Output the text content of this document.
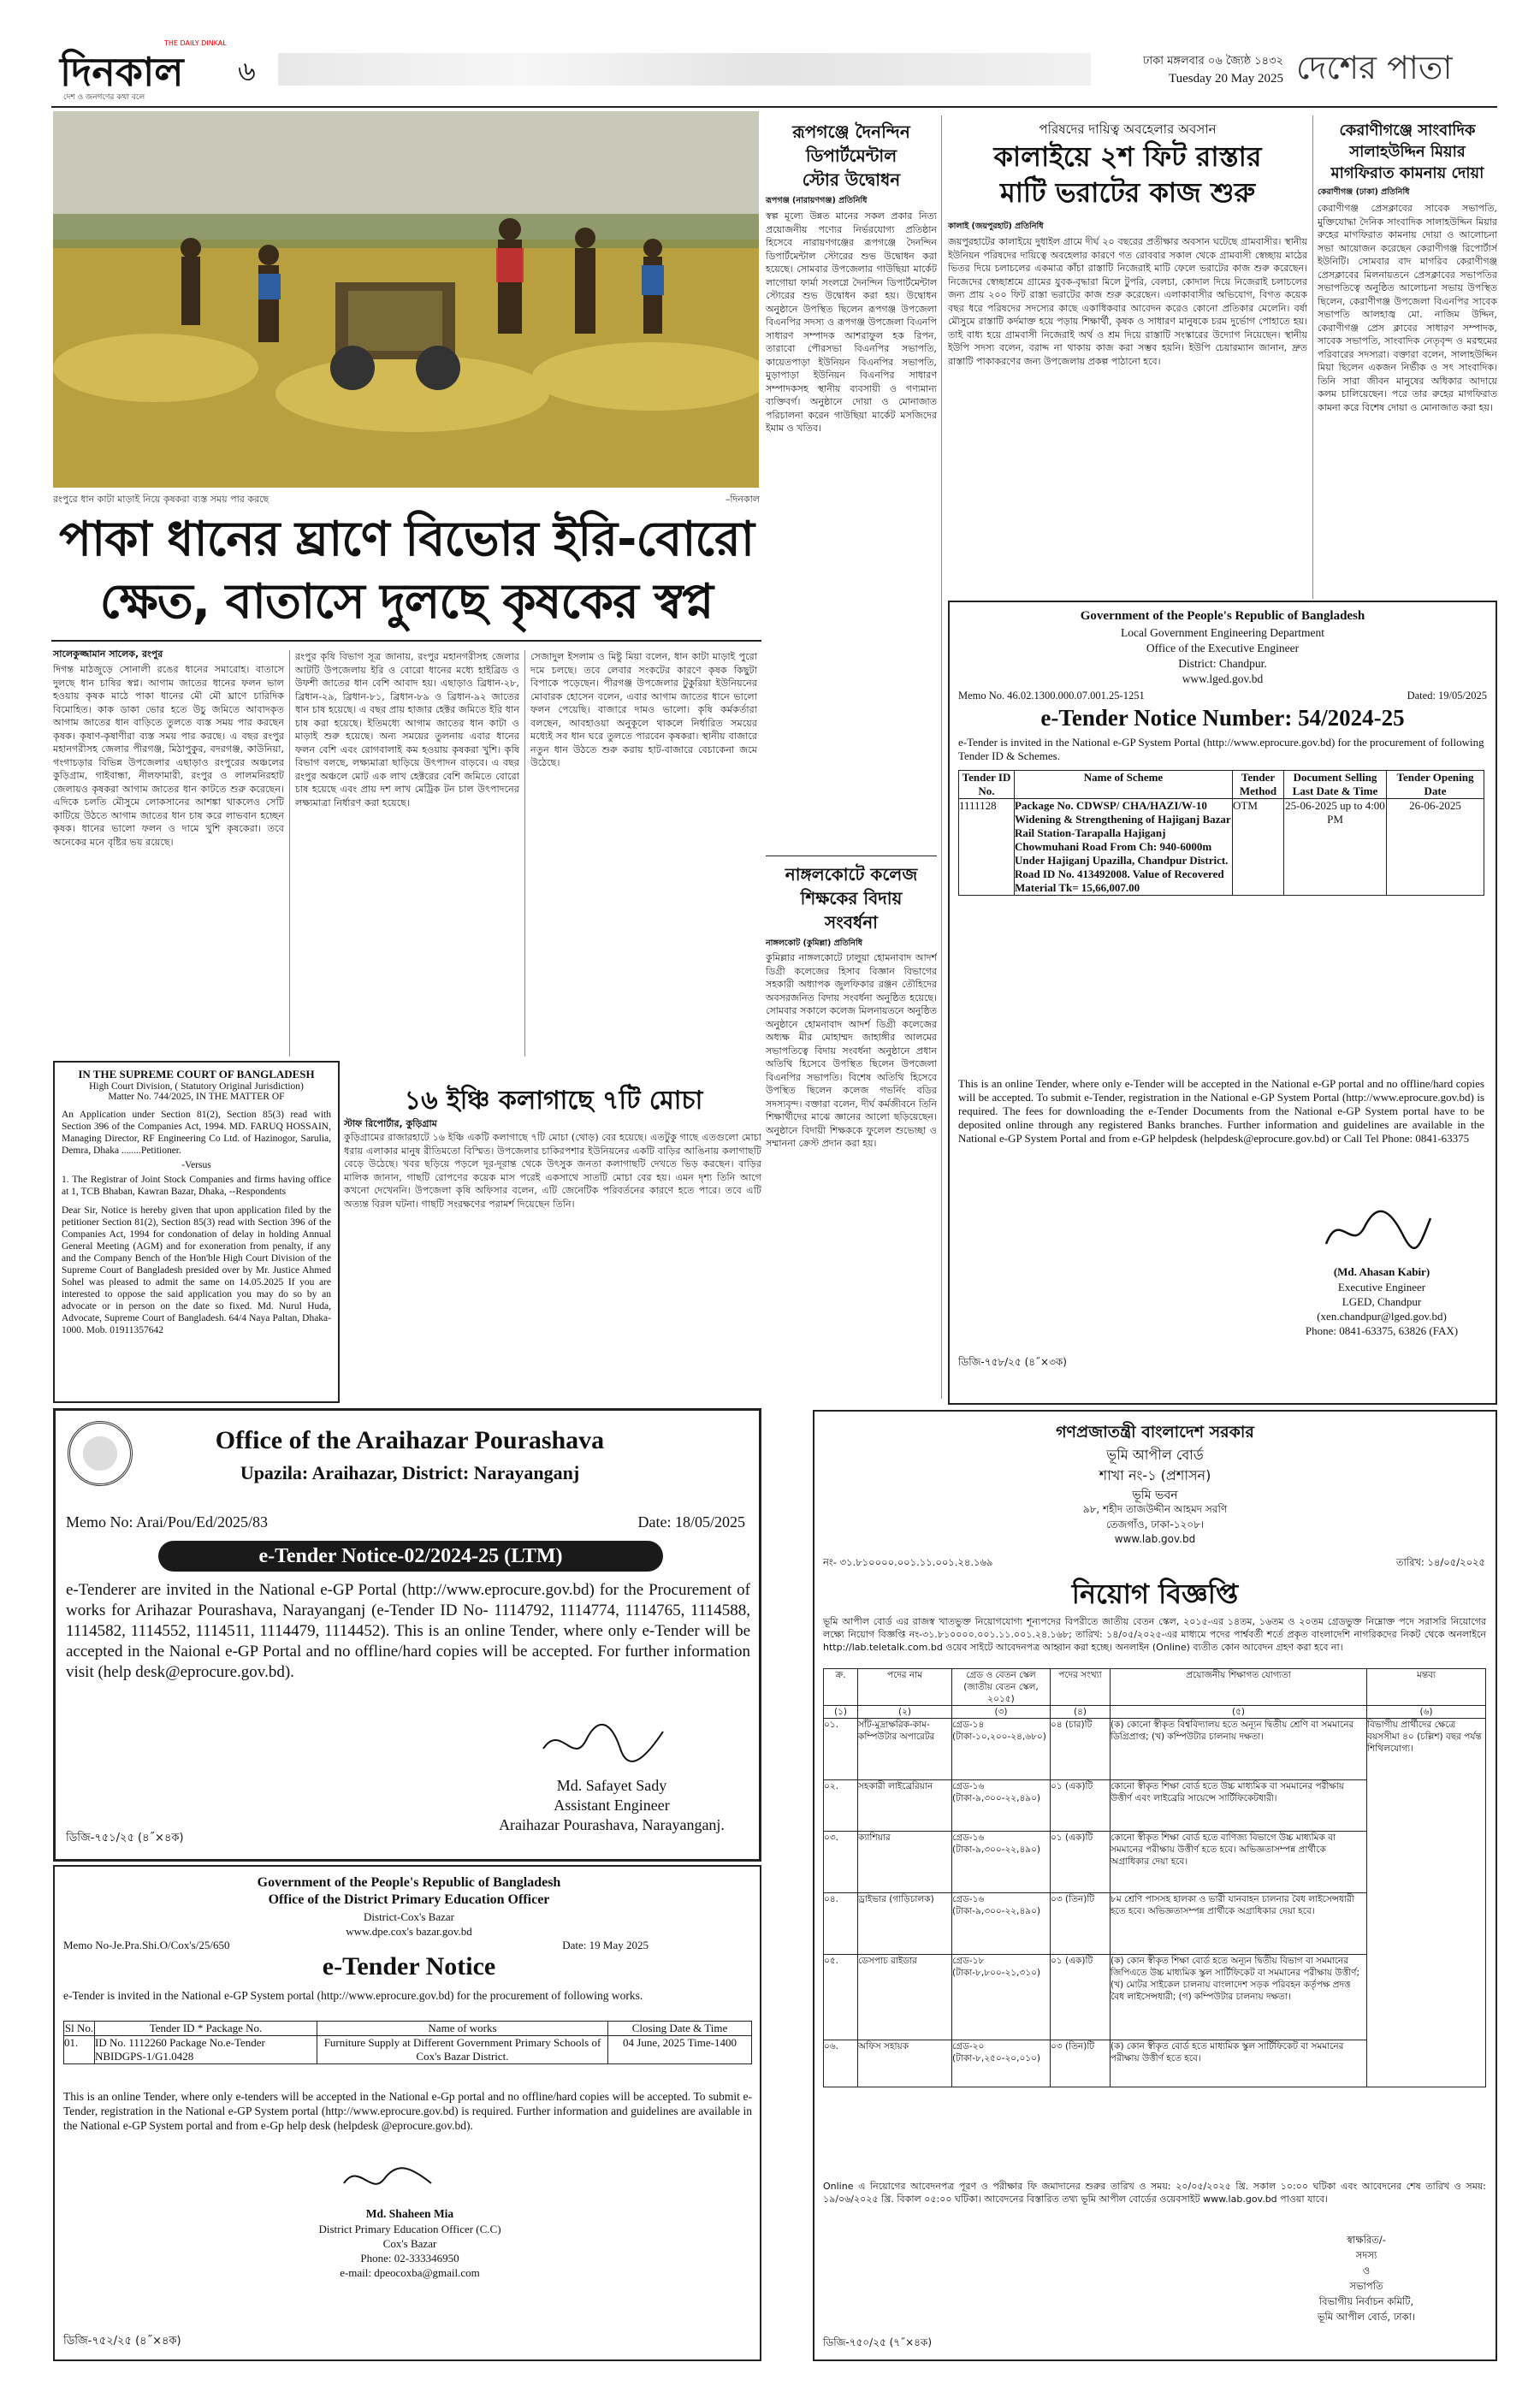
দিনকাল
THE DAILY DINKAL
দেশ ও জনগণের কথা বলে
৬	ঢাকা মঙ্গলবার ০৬ জ্যৈষ্ঠ ১৪৩২
Tuesday 20 May 2025 দেশের পাতা
রংপুরে ধান কাটা মাড়াই নিয়ে কৃষকরা ব্যস্ত সময় পার করছে	–দিনকাল
পাকা ধানের ঘ্রাণে বিভোর ইরি-বোরো
ক্ষেত, বাতাসে দুলছে কৃষকের স্বপ্ন
সালেকুজ্জামান সালেক, রংপুর
দিগন্ত মাঠজুড়ে সোনালী রঙের ধানের সমারোহ। বাতাসে দুলছে ধান চাষির স্বপ্ন। আগাম জাতের ধানের ফলন ভাল হওয়ায় কৃষক মাঠে পাকা ধানের মৌ মৌ ঘ্রাণে চারিদিক বিমোহিত। কাক ডাকা ভোর হতে উচু জমিতে আবাদকৃত আগাম জাতের ধান বাড়িতে তুলতে ব্যস্ত সময় পার করছেন কৃষক। কৃষাণ-কৃষাণীরা ব্যস্ত সময় পার করছে। এ বছর রংপুর মহানগরীসহ জেলার পীরগঞ্জ, মিঠাপুকুর, বদরগঞ্জ, কাউনিয়া, গংগাচড়ার বিভিন্ন উপজেলার এছাড়াও রংপুরের অঞ্চলের কুড়িগ্রাম, গাইবান্ধা, নীলফামারী, রংপুর ও লালমনিরহাট জেলায়ও কৃষকরা আগাম জাতের ধান কাটতে শুরু করেছেন। এদিকে চলতি মৌসুমে লোকসানের আশঙ্কা থাকলেও সেটি কাটিয়ে উঠতে আগাম জাতের ধান চাষ করে লাভবান হচ্ছেন কৃষক। ধানের ভালো ফলন ও দামে খুশি কৃষকেরা। তবে অনেকের মনে বৃষ্টির ভয় রয়েছে।
রংপুর কৃষি বিভাগ সূত্র জানায়, রংপুর মহানগরীসহ জেলার আটটি উপজেলায় ইরি ও বোরো ধানের মধ্যে হাইব্রিড ও উফশী জাতের ধান বেশি আবাদ হয়। এছাড়াও ব্রিধান-২৮, ব্রিধান-২৯, ব্রিধান-৮১, ব্রিধান-৮৯ ও ব্রিধান-৯২ জাতের ধান চাষ হয়েছে। এ বছর প্রায় হাজার হেক্টর জমিতে ইরি ধান চাষ করা হয়েছে। ইতিমধ্যে আগাম জাতের ধান কাটা ও মাড়াই শুরু হয়েছে। অন্য সময়ের তুলনায় এবার ধানের ফলন বেশি এবং রোগবালাই কম হওয়ায় কৃষকরা খুশি। কৃষি বিভাগ বলছে, লক্ষ্যমাত্রা ছাড়িয়ে উৎপাদন বাড়বে। এ বছর রংপুর অঞ্চলে মোট এক লাখ হেক্টরের বেশি জমিতে বোরো চাষ হয়েছে এবং প্রায় দশ লাখ মেট্রিক টন চাল উৎপাদনের লক্ষ্যমাত্রা নির্ধারণ করা হয়েছে।
সেজাদুল ইসলাম ও মিষ্টু মিয়া বলেন, ধান কাটা মাড়াই পুরো দমে চলছে। তবে লেবার সংকটের কারণে কৃষক কিছুটা বিপাকে পড়েছেন। পীরগঞ্জ উপজেলার টুকুরিয়া ইউনিয়নের মোবারক হোসেন বলেন, এবার আগাম জাতের ধানে ভালো ফলন পেয়েছি। বাজারে দামও ভালো। কৃষি কর্মকর্তারা বলছেন, আবহাওয়া অনুকূলে থাকলে নির্ধারিত সময়ের মধ্যেই সব ধান ঘরে তুলতে পারবেন কৃষকরা। স্থানীয় বাজারে নতুন ধান উঠতে শুরু করায় হাট-বাজারে বেচাকেনা জমে উঠেছে।
IN THE SUPREME COURT OF BANGLADESH
High Court Division, ( Statutory Original Jurisdiction)
Matter No. 744/2025, IN THE MATTER OF
An Application under Section 81(2), Section 85(3) read with Section 396 of the Companies Act, 1994. MD. FARUQ HOSSAIN, Managing Director, RF Engineering Co Ltd. of Hazinogor, Sarulia, Demra, Dhaka ........Petitioner.
-Versus
1. The Registrar of Joint Stock Companies and firms having office at 1, TCB Bhaban, Kawran Bazar, Dhaka, --Respondents
Dear Sir, Notice is hereby given that upon application filed by the petitioner Section 81(2), Section 85(3) read with Section 396 of the Companies Act, 1994 for condonation of delay in holding Annual General Meeting (AGM) and for exoneration from penalty, if any and the Company Bench of the Hon'ble High Court Division of the Supreme Court of Bangladesh presided over by Mr. Justice Ahmed Sohel was pleased to admit the same on 14.05.2025 If you are interested to oppose the said application you may do so by an advocate or in person on the date so fixed. Md. Nurul Huda, Advocate, Supreme Court of Bangladesh. 64/4 Naya Paltan, Dhaka-1000. Mob. 01911357642
১৬ ইঞ্চি কলাগাছে ৭টি মোচা
স্টাফ রিপোর্টার, কুড়িগ্রাম
কুড়িগ্রামের রাজারহাটে ১৬ ইঞ্চি একটি কলাগাছে ৭টি মোচা (থোড়) বের হয়েছে। এতটুকু গাছে এতগুলো মোচা ধরায় এলাকার মানুষ রীতিমতো বিস্মিত। উপজেলার চাকিরপশার ইউনিয়নের একটি বাড়ির আঙিনায় কলাগাছটি বেড়ে উঠেছে। খবর ছড়িয়ে পড়লে দূর-দূরান্ত থেকে উৎসুক জনতা কলাগাছটি দেখতে ভিড় করছেন। বাড়ির মালিক জানান, গাছটি রোপণের কয়েক মাস পরেই একসাথে সাতটি মোচা বের হয়। এমন দৃশ্য তিনি আগে কখনো দেখেননি। উপজেলা কৃষি অফিসার বলেন, এটি জেনেটিক পরিবর্তনের কারণে হতে পারে। তবে এটি অত্যন্ত বিরল ঘটনা। গাছটি সংরক্ষণের পরামর্শ দিয়েছেন তিনি।
Office of the Araihazar Pourashava
Upazila: Araihazar, District: Narayanganj
Memo No: Arai/Pou/Ed/2025/83	Date: 18/05/2025
e-Tender Notice-02/2024-25 (LTM)
e-Tenderer are invited in the National e-GP Portal (http://www.eprocure.gov.bd) for the Procurement of works for Arihazar Pourashava, Narayanganj (e-Tender ID No- 1114792, 1114774, 1114765, 1114588, 1114582, 1114552, 1114511, 1114479, 1114452). This is an online Tender, where only e-Tender will be accepted in the Naional e-GP Portal and no offline/hard copies will be accepted. For further information visit (help desk@eprocure.gov.bd).
Md. Safayet Sady
Assistant Engineer
Araihazar Pourashava, Narayanganj.
ডিজি-৭৫১/২৫ (৪˝×৪ক)
Government of the People's Republic of Bangladesh
Office of the District Primary Education Officer
District-Cox's Bazar
www.dpe.cox's bazar.gov.bd
Memo No-Je.Pra.Shi.O/Cox's/25/650	Date: 19 May 2025
e-Tender Notice
e-Tender is invited in the National e-GP System portal (http://www.eprocure.gov.bd) for the procurement of following works.
Sl No.	Tender ID * Package No.	Name of works	Closing Date & Time
01.	ID No. 1112260 Package No.e-Tender NBIDGPS-1/G1.0428	Furniture Supply at Different Government Primary Schools of Cox's Bazar District.	04 June, 2025 Time-1400
This is an online Tender, where only e-tenders will be accepted in the National e-Gp portal and no offline/hard copies will be accepted. To submit e-Tender, registration in the National e-GP System portal (http://www.eprocure.gov.bd) is required. Further information and guidelines are available in the National e-GP System portal and from e-Gp help desk (helpdesk @eprocure.gov.bd).
Md. Shaheen Mia
District Primary Education Officer (C.C)
Cox's Bazar
Phone: 02-333346950
e-mail: dpeocoxba@gmail.com
ডিজি-৭৫২/২৫ (৪˝×৪ক)
রূপগঞ্জে দৈনন্দিন
ডিপার্টমেন্টাল
স্টোর উদ্বোধন
রূপগঞ্জ (নারায়ণগঞ্জ) প্রতিনিধি
স্বল্প মূল্যে উন্নত মানের সকল প্রকার নিত্য প্রয়োজনীয় পণ্যের নির্ভরযোগ্য প্রতিষ্ঠান হিসেবে নারায়ণগঞ্জের রূপগঞ্জে দৈনন্দিন ডিপার্টমেন্টাল স্টোরের শুভ উদ্বোধন করা হয়েছে। সোমবার উপজেলার গাউছিয়া মার্কেট লাগোয়া ফার্মা সংলগ্নে দৈনন্দিন ডিপার্টমেন্টাল স্টোরের শুভ উদ্বোধন করা হয়। উদ্বোধন অনুষ্ঠানে উপস্থিত ছিলেন রূপগঞ্জ উপজেলা বিএনপির সদস্য ও রূপগঞ্জ উপজেলা বিএনপি সাধারণ সম্পাদক আশরাফুল হক রিপন, তারাবো পৌরসভা বিএনপির সভাপতি, কায়েতপাড়া ইউনিয়ন বিএনপির সভাপতি, মুড়াপাড়া ইউনিয়ন বিএনপির সাধারণ সম্পাদকসহ স্থানীয় ব্যবসায়ী ও গণ্যমান্য ব্যক্তিবর্গ। অনুষ্ঠানে দোয়া ও মোনাজাত পরিচালনা করেন গাউছিয়া মার্কেট মসজিদের ইমাম ও খতিব।
নাঙ্গলকোটে কলেজ
শিক্ষকের বিদায়
সংবর্ধনা
নাঙ্গলকোট (কুমিল্লা) প্রতিনিধি
কুমিল্লার নাঙ্গলকোটে ঢালুয়া হোমনাবাদ আদর্শ ডিগ্রী কলেজের হিসাব বিজ্ঞান বিভাগের সহকারী অধ্যাপক জুলফিকার রঞ্জন তৌহিদের অবসরজনিত বিদায় সংবর্ধনা অনুষ্ঠিত হয়েছে। সোমবার সকালে কলেজ মিলনায়তনে অনুষ্ঠিত অনুষ্ঠানে হোমনাবাদ আদর্শ ডিগ্রী কলেজের অধ্যক্ষ মীর মোহাম্মদ জাহাঙ্গীর আলমের সভাপতিত্বে বিদায় সংবর্ধনা অনুষ্ঠানে প্রধান অতিথি হিসেবে উপস্থিত ছিলেন উপজেলা বিএনপির সভাপতি। বিশেষ অতিথি হিসেবে উপস্থিত ছিলেন কলেজ গভর্নিং বডির সদস্যবৃন্দ। বক্তারা বলেন, দীর্ঘ কর্মজীবনে তিনি শিক্ষার্থীদের মাঝে জ্ঞানের আলো ছড়িয়েছেন। অনুষ্ঠানে বিদায়ী শিক্ষককে ফুলেল শুভেচ্ছা ও সম্মাননা ক্রেস্ট প্রদান করা হয়।
পরিষদের দায়িত্ব অবহেলার অবসান
কালাইয়ে ২শ ফিট রাস্তার
মাটি ভরাটের কাজ শুরু
কালাই (জয়পুরহাট) প্রতিনিধি
জয়পুরহাটের কালাইয়ে দুধাইল গ্রামে দীর্ঘ ২০ বছরের প্রতীক্ষার অবসান ঘটেছে গ্রামবাসীর। স্থানীয় ইউনিয়ন পরিষদের দায়িত্বে অবহেলার কারণে গত রোববার সকাল থেকে গ্রামবাসী স্বেচ্ছায় মাঠের ভিতর দিয়ে চলাচলের একমাত্র কাঁচা রাস্তাটি নিজেরাই মাটি ফেলে ভরাটের কাজ শুরু করেছেন। নিজেদের স্বেচ্ছাশ্রমে গ্রামের যুবক-বৃদ্ধারা মিলে টুপরি, বেলচা, কোদাল দিয়ে নিজেরাই চলাচলের জন্য প্রায় ২০০ ফিট রাস্তা ভরাটের কাজ শুরু করেছেন। এলাকাবাসীর অভিযোগ, বিগত কয়েক বছর ধরে পরিষদের সদস্যের কাছে একাধিকবার আবেদন করেও কোনো প্রতিকার মেলেনি। বর্ষা মৌসুমে রাস্তাটি কর্দমাক্ত হয়ে পড়ায় শিক্ষার্থী, কৃষক ও সাধারণ মানুষকে চরম দুর্ভোগ পোহাতে হয়। তাই বাধ্য হয়ে গ্রামবাসী নিজেরাই অর্থ ও শ্রম দিয়ে রাস্তাটি সংস্কারের উদ্যোগ নিয়েছেন। স্থানীয় ইউপি সদস্য বলেন, বরাদ্দ না থাকায় কাজ করা সম্ভব হয়নি। ইউপি চেয়ারম্যান জানান, দ্রুত রাস্তাটি পাকাকরণের জন্য উপজেলায় প্রকল্প পাঠানো হবে।
কেরাণীগঞ্জে সাংবাদিক
সালাহউদ্দিন মিয়ার
মাগফিরাত কামনায় দোয়া
কেরাণীগঞ্জ (ঢাকা) প্রতিনিধি
কেরাণীগঞ্জ প্রেসক্লাবের সাবেক সভাপতি, মুক্তিযোদ্ধা দৈনিক সাংবাদিক সালাহউদ্দিন মিয়ার রুহের মাগফিরাত কামনায় দোয়া ও আলোচনা সভা আয়োজন করেছেন কেরাণীগঞ্জ রিপোর্টার্স ইউনিটি। সোমবার বাদ মাগরিব কেরাণীগঞ্জ প্রেসক্লাবের মিলনায়তনে প্রেসক্লাবের সভাপতির সভাপতিত্বে অনুষ্ঠিত আলোচনা সভায় উপস্থিত ছিলেন, কেরাণীগঞ্জ উপজেলা বিএনপির সাবেক সভাপতি আলহাজ্ব মো. নাজিম উদ্দিন, কেরাণীগঞ্জ প্রেস ক্লাবের সাধারণ সম্পাদক, সাবেক সভাপতি, সাংবাদিক নেতৃবৃন্দ ও মরহুমের পরিবারের সদস্যরা। বক্তারা বলেন, সালাহউদ্দিন মিয়া ছিলেন একজন নির্ভীক ও সৎ সাংবাদিক। তিনি সারা জীবন মানুষের অধিকার আদায়ে কলম চালিয়েছেন। পরে তার রুহের মাগফিরাত কামনা করে বিশেষ দোয়া ও মোনাজাত করা হয়।
Government of the People's Republic of Bangladesh
Local Government Engineering Department
Office of the Executive Engineer
District: Chandpur.
www.lged.gov.bd
Memo No. 46.02.1300.000.07.001.25-1251	Dated: 19/05/2025
e-Tender Notice Number: 54/2024-25
e-Tender is invited in the National e-GP System Portal (http://www.eprocure.gov.bd) for the procurement of following Tender ID & Schemes.
Tender ID No.	Name of Scheme	Tender Method	Document Selling Last Date & Time	Tender Opening Date
1111128	Package No. CDWSP/ CHA/HAZI/W-10 Widening & Strengthening of Hajiganj Bazar Rail Station-Tarapalla Hajiganj Chowmuhani Road From Ch: 940-6000m Under Hajiganj Upazilla, Chandpur District. Road ID No. 413492008. Value of Recovered Material Tk= 15,66,007.00	OTM	25-06-2025 up to 4:00 PM	26-06-2025
This is an online Tender, where only e-Tender will be accepted in the National e-GP portal and no offline/hard copies will be accepted. To submit e-Tender, registration in the National e-GP System Portal (http://www.eprocure.gov.bd) is required. The fees for downloading the e-Tender Documents from the National e-GP System portal have to be deposited online through any registered Banks branches. Further information and guidelines are available in the National e-GP System Portal and from e-GP helpdesk (helpdesk@eprocure.gov.bd) or Call Tel Phone: 0841-63375
(Md. Ahasan Kabir)
Executive Engineer
LGED, Chandpur
(xen.chandpur@lged.gov.bd)
Phone: 0841-63375, 63826 (FAX)
ডিজি-৭৫৮/২৫ (৪˝×৩ক)
গণপ্রজাতন্ত্রী বাংলাদেশ সরকার
ভূমি আপীল বোর্ড
শাখা নং-১ (প্রশাসন)
ভূমি ভবন
৯৮, শহীদ তাজউদ্দীন আহমদ সরণি
তেজগাঁও, ঢাকা-১২০৮।
www.lab.gov.bd
নং- ৩১.৮১০০০০.০০১.১১.০০১.২৪.১৬৯	তারিখ: ১৪/০৫/২০২৫
নিয়োগ বিজ্ঞপ্তি
ভূমি আপীল বোর্ড এর রাজস্ব খাতভুক্ত নিয়োগযোগ্য শূন্যপদের বিপরীতে জাতীয় বেতন স্কেল, ২০১৫-এর ১৪তম, ১৬তম ও ২০তম গ্রেডভুক্ত নিম্নোক্ত পদে সরাসরি নিয়োগের লক্ষ্যে নিয়োগ বিজ্ঞপ্তি নং-৩১.৮১০০০০.০০১.১১.০০১.২৪.১৬৮; তারিখ: ১৪/০৫/২০২৫-এর মাধ্যমে পদের পার্শ্ববর্তী শর্তে প্রকৃত বাংলাদেশি নাগরিকদের নিকট থেকে অনলাইনে http://lab.teletalk.com.bd ওয়েব সাইটে আবেদনপত্র আহ্বান করা হচ্ছে। অনলাইন (Online) ব্যতীত কোন আবেদন গ্রহণ করা হবে না।
ক্র.	পদের নাম	গ্রেড ও বেতন স্কেল (জাতীয় বেতন স্কেল, ২০১৫)	পদের সংখ্যা	প্রয়োজনীয় শিক্ষাগত যোগ্যতা	মন্তব্য
(১)	(২)	(৩)	(৪)	(৫)	(৬)
০১.	সাঁট-মুদ্রাক্ষরিক-কাম-কম্পিউটার অপারেটর	গ্রেড-১৪ (টাকা-১০,২০০-২৪,৬৮০)	০৪ (চার)টি	(ক) কোনো স্বীকৃত বিশ্ববিদ্যালয় হতে অন্যূন দ্বিতীয় শ্রেণি বা সমমানের ডিগ্রিপ্রাপ্ত; (খ) কম্পিউটার চালনায় দক্ষতা।	বিভাগীয় প্রার্থীদের ক্ষেত্রে বয়সসীমা ৪০ (চল্লিশ) বছর পর্যন্ত শিথিলযোগ্য।
০২.	সহকারী লাইব্রেরিয়ান	গ্রেড-১৬ (টাকা-৯,৩০০-২২,৪৯০)	০১ (এক)টি	কোনো স্বীকৃত শিক্ষা বোর্ড হতে উচ্চ মাধ্যমিক বা সমমানের পরীক্ষায় উত্তীর্ণ এবং লাইব্রেরি সায়েন্সে সার্টিফিকেটধারী।	
০৩.	ক্যাশিয়ার	গ্রেড-১৬ (টাকা-৯,৩০০-২২,৪৯০)	০১ (এক)টি	কোনো স্বীকৃত শিক্ষা বোর্ড হতে বাণিজ্য বিভাগে উচ্চ মাধ্যমিক বা সমমানের পরীক্ষায় উত্তীর্ণ হতে হবে। অভিজ্ঞতাসম্পন্ন প্রার্থীকে অগ্রাধিকার দেয়া হবে।	
০৪.	ড্রাইভার (গাড়িচালক)	গ্রেড-১৬ (টাকা-৯,৩০০-২২,৪৯০)	০৩ (তিন)টি	৮ম শ্রেণি পাসসহ হালকা ও ভারী যানবাহন চালনার বৈধ লাইসেন্সধারী হতে হবে। অভিজ্ঞতাসম্পন্ন প্রার্থীকে অগ্রাধিকার দেয়া হবে।	
০৫.	ডেসপাচ রাইডার	গ্রেড-১৮ (টাকা-৮,৮০০-২১,৩১০)	০১ (এক)টি	(ক) কোন স্বীকৃত শিক্ষা বোর্ড হতে অন্যূন দ্বিতীয় বিভাগ বা সমমানের জিপিএতে উচ্চ মাধ্যমিক স্কুল সার্টিফিকেট বা সমমানের পরীক্ষায় উত্তীর্ণ; (খ) মোটর সাইকেল চালনায় বাংলাদেশ সড়ক পরিবহন কর্তৃপক্ষ প্রদত্ত বৈধ লাইসেন্সধারী; (গ) কম্পিউটার চালনায় দক্ষতা।	
০৬.	অফিস সহায়ক	গ্রেড-২০ (টাকা-৮,২৫০-২০,০১০)	০৩ (তিন)টি	(ক) কোন স্বীকৃত বোর্ড হতে মাধ্যমিক স্কুল সার্টিফিকেট বা সমমানের পরীক্ষায় উত্তীর্ণ হতে হবে।	
Online এ নিয়োগের আবেদনপত্র পূরণ ও পরীক্ষার ফি জমাদানের শুরুর তারিখ ও সময়: ২০/০৫/২০২৫ খ্রি. সকাল ১০:০০ ঘটিকা এবং আবেদনের শেষ তারিখ ও সময়: ১৯/০৬/২০২৫ খ্রি. বিকাল ০৫:০০ ঘটিকা। আবেদনের বিস্তারিত তথ্য ভূমি আপীল বোর্ডের ওয়েবসাইট www.lab.gov.bd পাওয়া যাবে।
স্বাক্ষরিত/-
সদস্য
ও
সভাপতি
বিভাগীয় নির্বাচন কমিটি,
ভূমি আপীল বোর্ড, ঢাকা।
ডিজি-৭৫০/২৫ (৭˝×৪ক)
